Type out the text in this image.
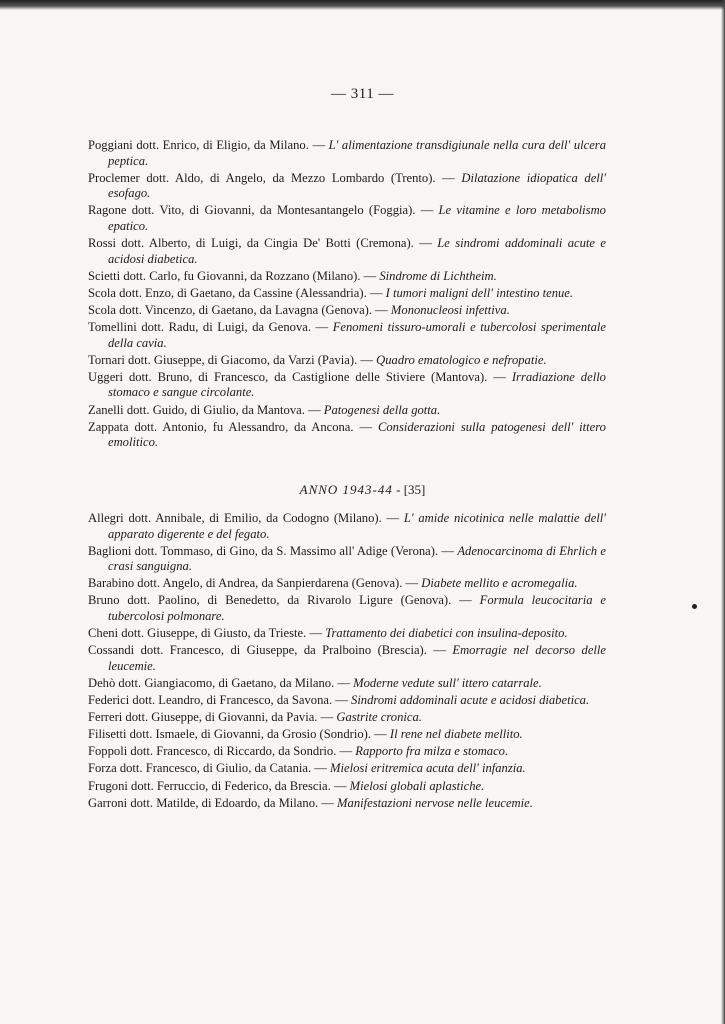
— 311 —

Poggiani dott. Enrico, di Eligio, da Milano. — L' alimentazione transdigiunale nella cura dell' ulcera peptica.

Proclemer dott. Aldo, di Angelo, da Mezzo Lombardo (Trento). — Dilatazione idiopatica dell' esofago.

Ragone dott. Vito, di Giovanni, da Montesantangelo (Foggia). — Le vitamine e loro metabolismo epatico.

Rossi dott. Alberto, di Luigi, da Cingia De' Botti (Cremona). — Le sindromi addominali acute e acidosi diabetica.

Scietti dott. Carlo, fu Giovanni, da Rozzano (Milano). — Sindrome di Lichtheim.

Scola dott. Enzo, di Gaetano, da Cassine (Alessandria). — I tumori maligni dell' intestino tenue.

Scola dott. Vincenzo, di Gaetano, da Lavagna (Genova). — Mononucleosi infettiva.

Tomellini dott. Radu, di Luigi, da Genova. — Fenomeni tissuro-umorali e tubercolosi sperimentale della cavia.

Tornari dott. Giuseppe, di Giacomo, da Varzi (Pavia). — Quadro ematologico e nefropatie.

Uggeri dott. Bruno, di Francesco, da Castiglione delle Stiviere (Mantova). — Irradiazione dello stomaco e sangue circolante.

Zanelli dott. Guido, di Giulio, da Mantova. — Patogenesi della gotta.

Zappata dott. Antonio, fu Alessandro, da Ancona. — Considerazioni sulla patogenesi dell' ittero emolitico.

ANNO 1943-44 - [35]

Allegri dott. Annibale, di Emilio, da Codogno (Milano). — L' amide nicotinica nelle malattie dell' apparato digerente e del fegato.

Baglioni dott. Tommaso, di Gino, da S. Massimo all' Adige (Verona). — Adenocarcinoma di Ehrlich e crasi sanguigna.

Barabino dott. Angelo, di Andrea, da Sanpierdarena (Genova). — Diabete mellito e acromegalia.

Bruno dott. Paolino, di Benedetto, da Rivarolo Ligure (Genova). — Formula leucocitaria e tubercolosi polmonare.

Cheni dott. Giuseppe, di Giusto, da Trieste. — Trattamento dei diabetici con insulina-deposito.

Cossandi dott. Francesco, di Giuseppe, da Pralboino (Brescia). — Emorragie nel decorso delle leucemie.

Dehò dott. Giangiacomo, di Gaetano, da Milano. — Moderne vedute sull' ittero catarrale.

Federici dott. Leandro, di Francesco, da Savona. — Sindromi addominali acute e acidosi diabetica.

Ferreri dott. Giuseppe, di Giovanni, da Pavia. — Gastrite cronica.

Filisetti dott. Ismaele, di Giovanni, da Grosio (Sondrio). — Il rene nel diabete mellito.

Foppoli dott. Francesco, di Riccardo, da Sondrio. — Rapporto fra milza e stomaco.

Forza dott. Francesco, di Giulio, da Catania. — Mielosi eritremica acuta dell' infanzia.

Frugoni dott. Ferruccio, di Federico, da Brescia. — Mielosi globali aplastiche.

Garroni dott. Matilde, di Edoardo, da Milano. — Manifestazioni nervose nelle leucemie.
